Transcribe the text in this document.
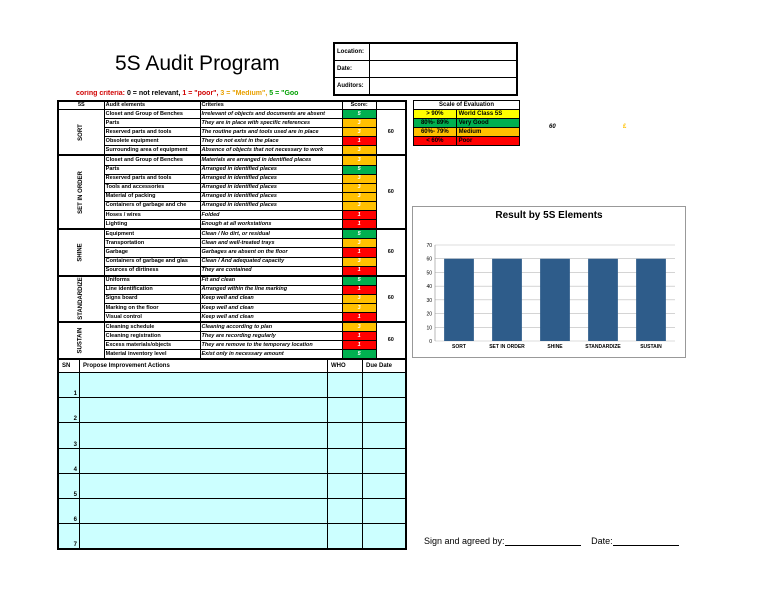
5S Audit Program
coring criteria: 0 = not relevant, 1 = "poor", 3 = "Medium", 5 = "Goo
Location:	
Date:	
Auditors:	
5S	Audit elements	Criteries	Score:	
SORT	Closet and Group of Benches	Irrelevant of objects and documents are absent	5	60
	Parts	They are in place with specific references	3	
	Reserved parts and tools	The routine parts and tools used are in place	3	
	Obsolete equipment	They do not exist in the place	1	
	Surrounding area of equipment	Absence of objects that not necessary to work	3	
SET IN ORDER	Closet and Group of Benches	Materials are arranged in identified places	3	60
	Parts	Arranged in identified places	5	
	Reserved parts and tools	Arranged in identified places	3	
	Tools and accessories	Arranged in identified places	3	
	Material of packing	Arranged in identified places	3	
	Containers of garbage and che	Arranged in identified places	3	
	Hoses / wires	Folded	1	
	Lighting	Enough at all workstations	1	
SHINE	Equipment	Clean / No dirt, or residual	5	60
	Transportation	Clean and well-treated trays	3	
	Garbage	Garbages are absent on the floor	1	
	Containers of garbage and glas	Clean / And adequated capacity	3	
	Sources of dirtiness	They are contained	1	
STANDARDIZE	Uniforms	Fit and clean	5	60
	Line identification	Arranged within the line marking	1	
	Signs board	Keep well and clean	3	
	Marking on the floor	Keep well and clean	3	
	Visual control	Keep well and clean	1	
SUSTAIN	Cleaning schedule	Cleaning according to plan	3	60
	Cleaning registration	They are recording regularly	1	
	Excess materials/objects	They are remove to the temporary location	1	
	Material inventory level	Exist only in necessary amount	5	
Scale of Evaluation	
> 90%	World Class 5S
80%- 89%	Very Good
60%- 79%	Medium
< 60%	Poor
60	£
Result by 5S Elements
0
10
20
30
40
50
60
70
SORT	SET IN ORDER	SHINE	STANDARDIZE	SUSTAIN
SN	Propose Improvement Actions	WHO	Due Date
1			
2			
3			
4			
5			
6			
7				Sign and agreed by:	Date:
